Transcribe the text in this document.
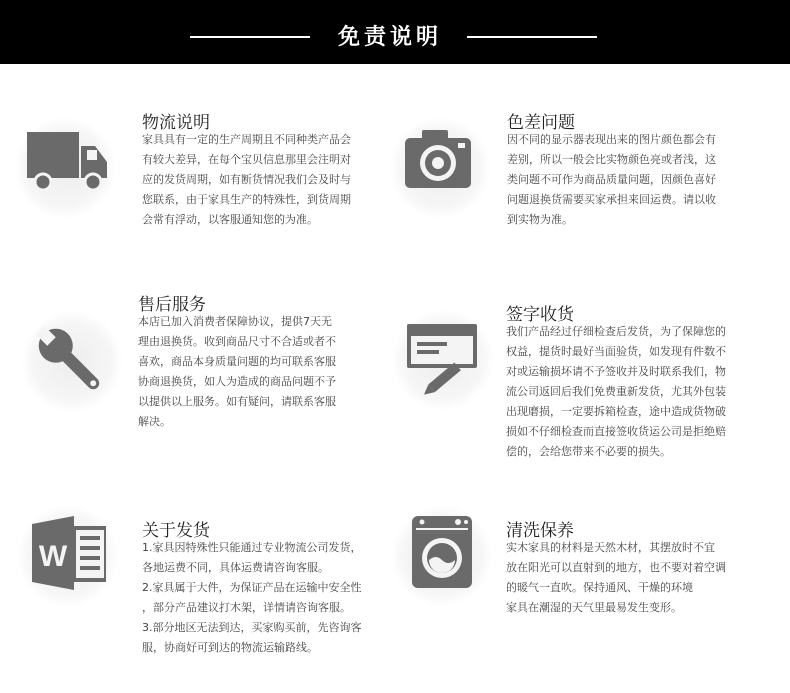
免责说明
物流说明

家具具有一定的生产周期且不同种类产品会

有较大差异，在每个宝贝信息那里会注明对

应的发货周期，如有断货情况我们会及时与

您联系，由于家具生产的特殊性，到货周期

会常有浮动，以客服通知您的为准。

色差问题

因不同的显示器表现出来的图片颜色都会有

差别，所以一般会比实物颜色亮或者浅，这

类问题不可作为商品质量问题，因颜色喜好

问题退换货需要买家承担来回运费。请以收

到实物为准。

售后服务

本店已加入消费者保障协议，提供7天无

理由退换货。收到商品尺寸不合适或者不

喜欢，商品本身质量问题的均可联系客服

协商退换货，如人为造成的商品问题不予

以提供以上服务。如有疑问，请联系客服

解决。

签字收货

我们产品经过仔细检查后发货，为了保障您的

权益，提货时最好当面验货，如发现有件数不

对或运输损坏请不予签收并及时联系我们，物

流公司返回后我们免费重新发货，尤其外包装

出现磨损，一定要拆箱检查，途中造成货物破

损如不仔细检查而直接签收货运公司是拒绝赔

偿的，会给您带来不必要的损失。

W
关于发货

1.家具因特殊性只能通过专业物流公司发货，

各地运费不同，具体运费请咨询客服。

2.家具属于大件，为保证产品在运输中安全性

，部分产品建议打木架，详情请咨询客服。

3.部分地区无法到达，买家购买前，先咨询客

服，协商好可到达的物流运输路线。

清洗保养

实木家具的材料是天然木材，其摆放时不宜

放在阳光可以直射到的地方，也不要对着空调

的暖气一直吹。保持通风、干燥的环境

家具在潮湿的天气里最易发生变形。
